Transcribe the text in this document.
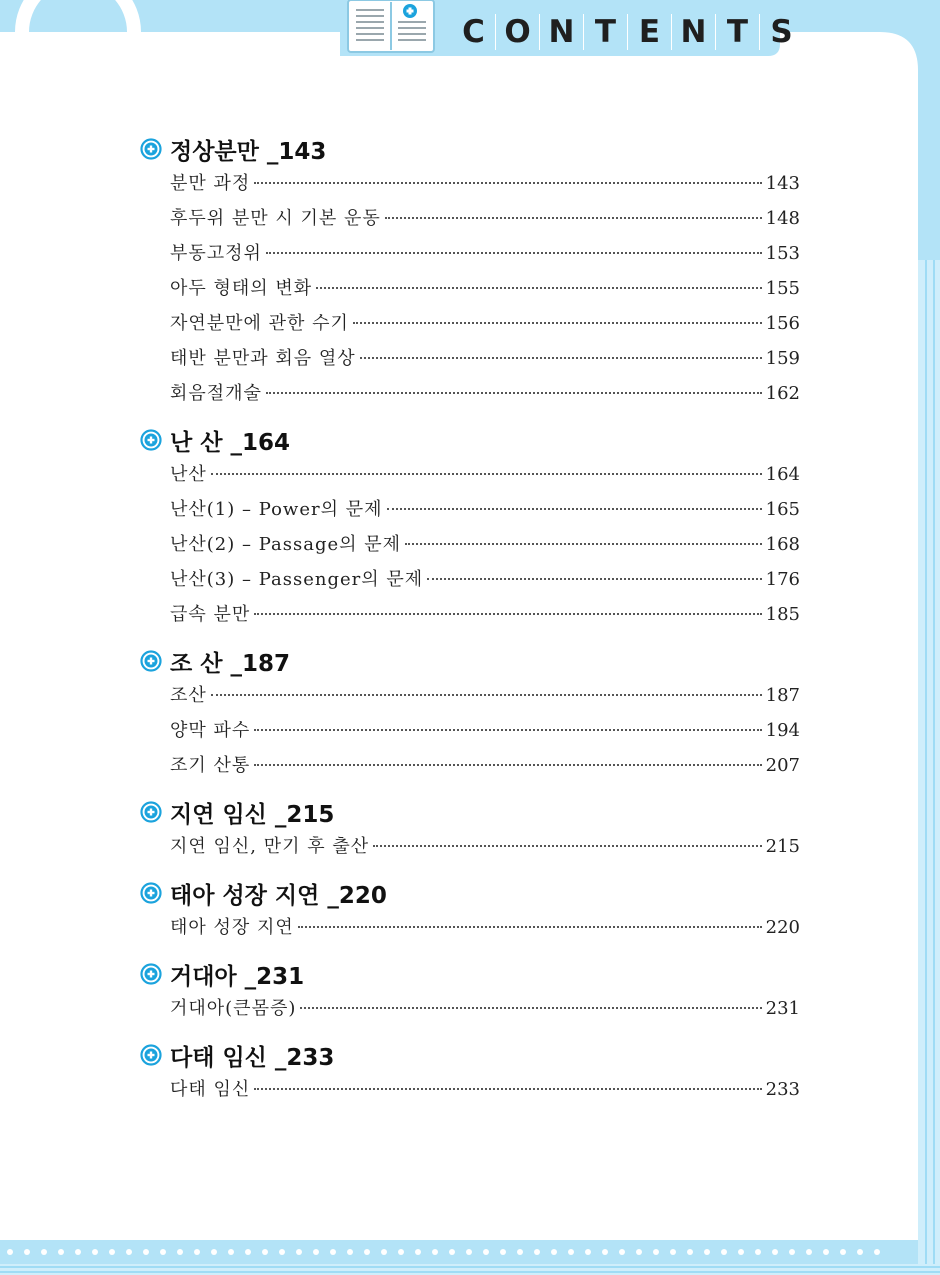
C O N T E N T S
정상분만 _143
분만 과정	143
후두위 분만 시 기본 운동	148
부동고정위	153
아두 형태의 변화	155
자연분만에 관한 수기	156
태반 분만과 회음 열상	159
회음절개술	162
난 산 _164
난산	164
난산(1) – Power의 문제	165
난산(2) – Passage의 문제	168
난산(3) – Passenger의 문제	176
급속 분만	185
조 산 _187
조산	187
양막 파수	194
조기 산통	207
지연 임신 _215
지연 임신, 만기 후 출산	215
태아 성장 지연 _220
태아 성장 지연	220
거대아 _231
거대아(큰몸증)	231
다태 임신 _233
다태 임신	233
